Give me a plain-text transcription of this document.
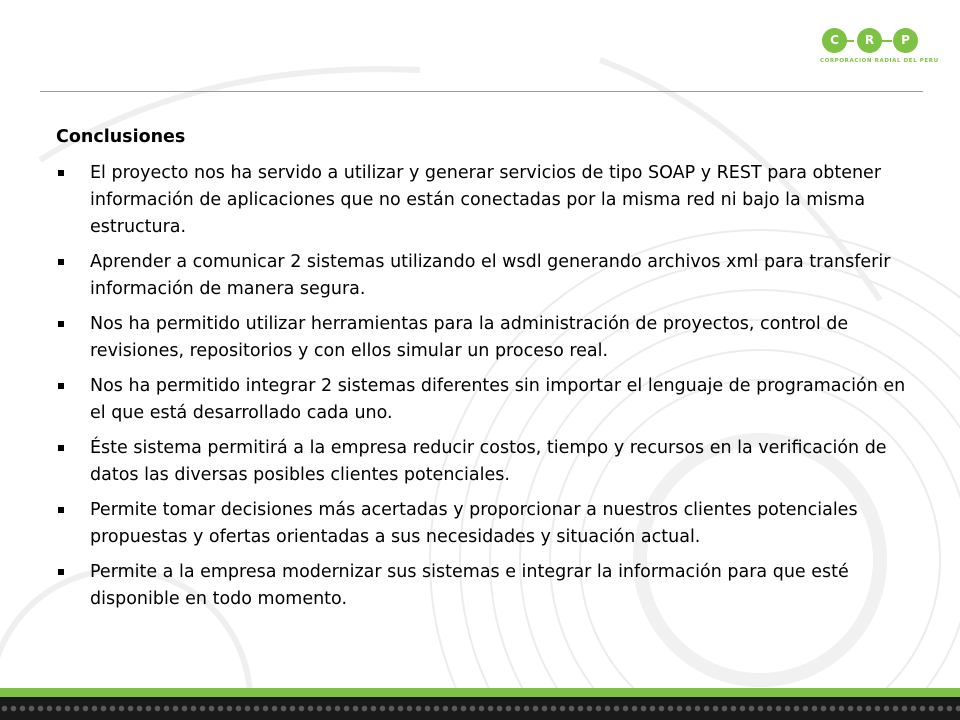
C	R	P
CORPORACION RADIAL DEL PERU
Conclusiones
El proyecto nos ha servido a utilizar y generar servicios de tipo SOAP y REST para obtener información de aplicaciones que no están conectadas por la misma red ni bajo la misma estructura.
Aprender a comunicar 2 sistemas utilizando el wsdl generando archivos xml para transferir           información de manera segura.
Nos ha permitido utilizar herramientas para la administración de proyectos, control de revisiones, repositorios y con ellos simular un proceso real.
Nos ha permitido integrar 2 sistemas diferentes sin importar el lenguaje de programación en el que está desarrollado cada uno.
Éste sistema permitirá a la empresa reducir costos, tiempo y recursos en la verificación de datos las diversas posibles clientes potenciales.
Permite tomar decisiones más acertadas y proporcionar a nuestros clientes potenciales propuestas y ofertas orientadas a sus necesidades y situación actual.
Permite a la empresa modernizar sus sistemas e integrar la información para que esté disponible en todo momento.
